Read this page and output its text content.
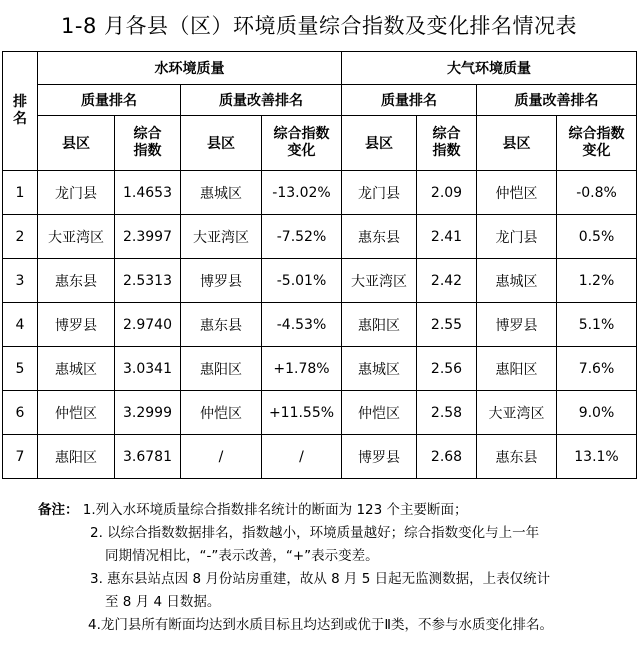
1-8 月各县（区）环境质量综合指数及变化排名情况表
排名	水环境质量				大气环境质量			
	质量排名		质量改善排名		质量排名		质量改善排名	
	县区	综合指数	县区	综合指数变化	县区	综合指数	县区	综合指数变化
1	龙门县	1.4653	惠城区	-13.02%	龙门县	2.09	仲恺区	-0.8%
2	大亚湾区	2.3997	大亚湾区	-7.52%	惠东县	2.41	龙门县	0.5%
3	惠东县	2.5313	博罗县	-5.01%	大亚湾区	2.42	惠城区	1.2%
4	博罗县	2.9740	惠东县	-4.53%	惠阳区	2.55	博罗县	5.1%
5	惠城区	3.0341	惠阳区	+1.78%	惠城区	2.56	惠阳区	7.6%
6	仲恺区	3.2999	仲恺区	+11.55%	仲恺区	2.58	大亚湾区	9.0%
7	惠阳区	3.6781	/	/	博罗县	2.68	惠东县	13.1%
备注： 1.列入水环境质量综合指数排名统计的断面为 123 个主要断面；
2. 以综合指数数据排名，指数越小，环境质量越好；综合指数变化与上一年
同期情况相比，“-”表示改善，“+”表示变差。
3. 惠东县站点因 8 月份站房重建，故从 8 月 5 日起无监测数据，上表仅统计
至 8 月 4 日数据。
4.龙门县所有断面均达到水质目标且均达到或优于Ⅱ类，不参与水质变化排名。
